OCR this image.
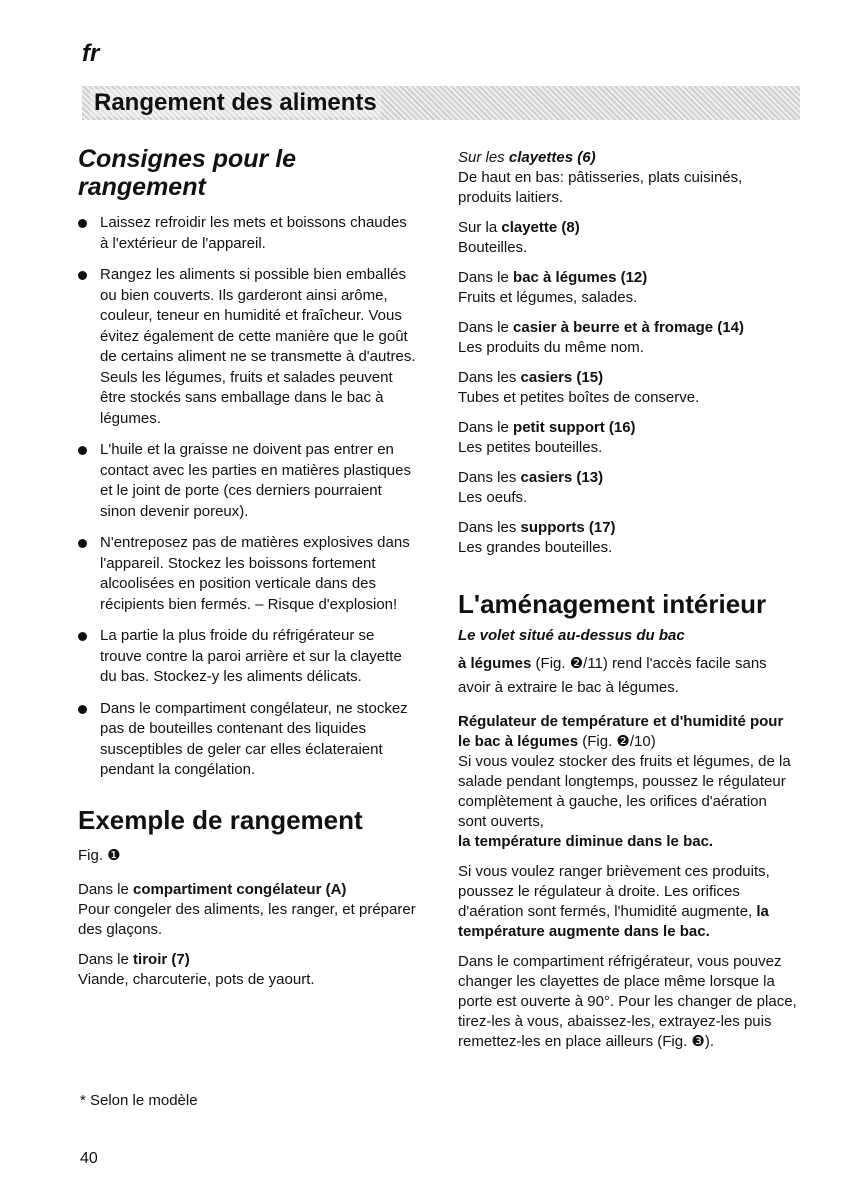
fr
Rangement des aliments
Consignes pour le rangement
Laissez refroidir les mets et boissons chaudes à l'extérieur de l'appareil.
Rangez les aliments si possible bien emballés ou bien couverts. Ils garderont ainsi arôme, couleur, teneur en humidité et fraîcheur. Vous évitez également de cette manière que le goût de certains aliment ne se transmette à d'autres. Seuls les légumes, fruits et salades peuvent être stockés sans emballage dans le bac à légumes.
L'huile et la graisse ne doivent pas entrer en contact avec les parties en matières plastiques et le joint de porte (ces derniers pourraient sinon devenir poreux).
N'entreposez pas de matières explosives dans l'appareil. Stockez les boissons fortement alcoolisées en position verticale dans des récipients bien fermés. – Risque d'explosion!
La partie la plus froide du réfrigérateur se trouve contre la paroi arrière et sur la clayette du bas. Stockez-y les aliments délicats.
Dans le compartiment congélateur, ne stockez pas de bouteilles contenant des liquides susceptibles de geler car elles éclateraient pendant la congélation.
Exemple de rangement

Fig. ❶

Dans le compartiment congélateur (A)

Pour congeler des aliments, les ranger, et préparer des glaçons.

Dans le tiroir (7)

Viande, charcuterie, pots de yaourt.

Sur les clayettes (6)

De haut en bas: pâtisseries, plats cuisinés, produits laitiers.

Sur la clayette (8)

Bouteilles.

Dans le bac à légumes (12)

Fruits et légumes, salades.

Dans le casier à beurre et à fromage (14)

Les produits du même nom.

Dans les casiers (15)

Tubes et petites boîtes de conserve.

Dans le petit support (16)

Les petites bouteilles.

Dans les casiers (13)

Les oeufs.

Dans les supports (17)

Les grandes bouteilles.

L'aménagement intérieur

Le volet situé au-dessus du bac

à légumes (Fig. ❷/11) rend l'accès facile sans avoir à extraire le bac à légumes.

Régulateur de température et d'humidité pour le bac à légumes (Fig. ❷/10)

Si vous voulez stocker des fruits et légumes, de la salade pendant longtemps, poussez le régulateur complètement à gauche, les orifices d'aération sont ouverts,

la température diminue dans le bac.

Si vous voulez ranger brièvement ces produits, poussez le régulateur à droite. Les orifices d'aération sont fermés, l'humidité augmente, la température augmente dans le bac.

Dans le compartiment réfrigérateur, vous pouvez changer les clayettes de place même lorsque la porte est ouverte à 90°. Pour les changer de place, tirez-les à vous, abaissez-les, extrayez-les puis remettez-les en place ailleurs (Fig. ❸).

* Selon le modèle
40
